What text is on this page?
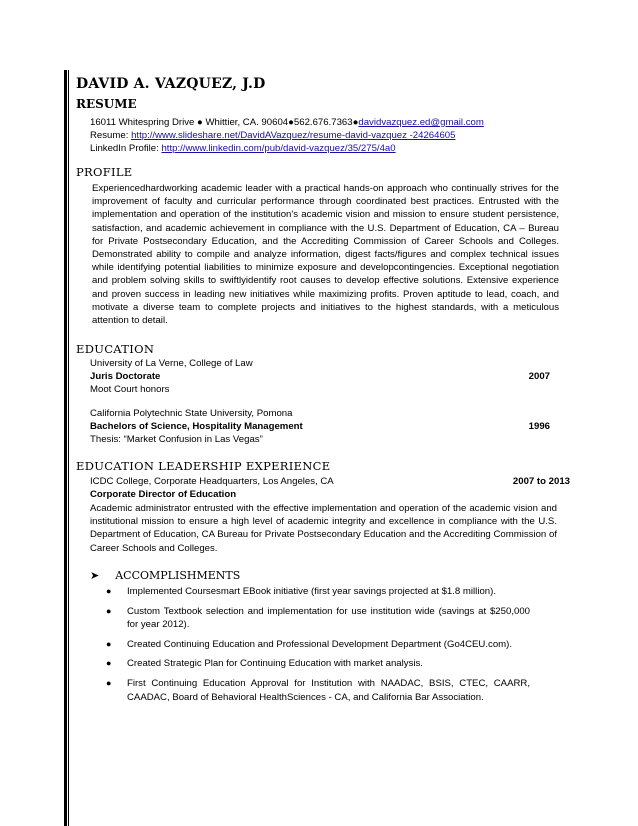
DAVID A. VAZQUEZ, J.D
RESUME
16011 Whitespring Drive ● Whittier, CA. 90604●562.676.7363●davidvazquez.ed@gmail.com
Resume: http://www.slideshare.net/DavidAVazquez/resume-david-vazquez -24264605
LinkedIn Profile: http://www.linkedin.com/pub/david-vazquez/35/275/4a0
PROFILE
Experiencedhardworking academic leader with a practical hands-on approach who continually strives for the improvement of faculty and curricular performance through coordinated best practices. Entrusted with the implementation and operation of the institution's academic vision and mission to ensure student persistence, satisfaction, and academic achievement in compliance with the U.S. Department of Education, CA – Bureau for Private Postsecondary Education, and the Accrediting Commission of Career Schools and Colleges. Demonstrated ability to compile and analyze information, digest facts/figures and complex technical issues while identifying potential liabilities to minimize exposure and developcontingencies. Exceptional negotiation and problem solving skills to swiftlyidentify root causes to develop effective solutions. Extensive experience and proven success in leading new initiatives while maximizing profits. Proven aptitude to lead, coach, and motivate a diverse team to complete projects and initiatives to the highest standards, with a meticulous attention to detail.
EDUCATION
University of La Verne, College of Law
Juris Doctorate	2007
Moot Court honors
California Polytechnic State University, Pomona
Bachelors of Science, Hospitality Management	1996
Thesis: “Market Confusion in Las Vegas”
EDUCATION LEADERSHIP EXPERIENCE
ICDC College, Corporate Headquarters, Los Angeles, CA	2007 to 2013
Corporate Director of Education
Academic administrator entrusted with the effective implementation and operation of the academic vision and institutional mission to ensure a high level of academic integrity and excellence in compliance with the U.S. Department of Education, CA Bureau for Private Postsecondary Education and the Accrediting Commission of Career Schools and Colleges.
➤ ACCOMPLISHMENTS
● Implemented Coursesmart EBook initiative (first year savings projected at $1.8 million).
● Custom Textbook selection and implementation for use institution wide (savings at $250,000 for year 2012).
● Created Continuing Education and Professional Development Department (Go4CEU.com).
● Created Strategic Plan for Continuing Education with market analysis.
● First Continuing Education Approval for Institution with NAADAC, BSIS, CTEC, CAARR, CAADAC, Board of Behavioral HealthSciences - CA, and California Bar Association.
